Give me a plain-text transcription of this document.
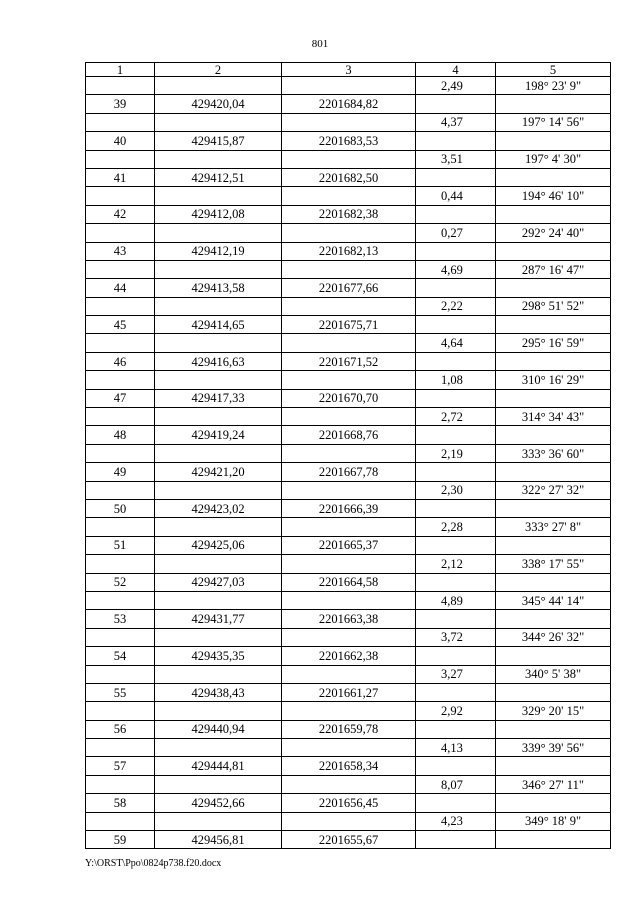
801
1	2	3	4	5
			2,49	198° 23' 9"
39	429420,04	2201684,82		
			4,37	197° 14' 56"
40	429415,87	2201683,53		
			3,51	197° 4' 30"
41	429412,51	2201682,50		
			0,44	194° 46' 10"
42	429412,08	2201682,38		
			0,27	292° 24' 40"
43	429412,19	2201682,13		
			4,69	287° 16' 47"
44	429413,58	2201677,66		
			2,22	298° 51' 52"
45	429414,65	2201675,71		
			4,64	295° 16' 59"
46	429416,63	2201671,52		
			1,08	310° 16' 29"
47	429417,33	2201670,70		
			2,72	314° 34' 43"
48	429419,24	2201668,76		
			2,19	333° 36' 60"
49	429421,20	2201667,78		
			2,30	322° 27' 32"
50	429423,02	2201666,39		
			2,28	333° 27' 8"
51	429425,06	2201665,37		
			2,12	338° 17' 55"
52	429427,03	2201664,58		
			4,89	345° 44' 14"
53	429431,77	2201663,38		
			3,72	344° 26' 32"
54	429435,35	2201662,38		
			3,27	340° 5' 38"
55	429438,43	2201661,27		
			2,92	329° 20' 15"
56	429440,94	2201659,78		
			4,13	339° 39' 56"
57	429444,81	2201658,34		
			8,07	346° 27' 11"
58	429452,66	2201656,45		
			4,23	349° 18' 9"
59	429456,81	2201655,67		
Y:\ORST\Ppo\0824p738.f20.docx
